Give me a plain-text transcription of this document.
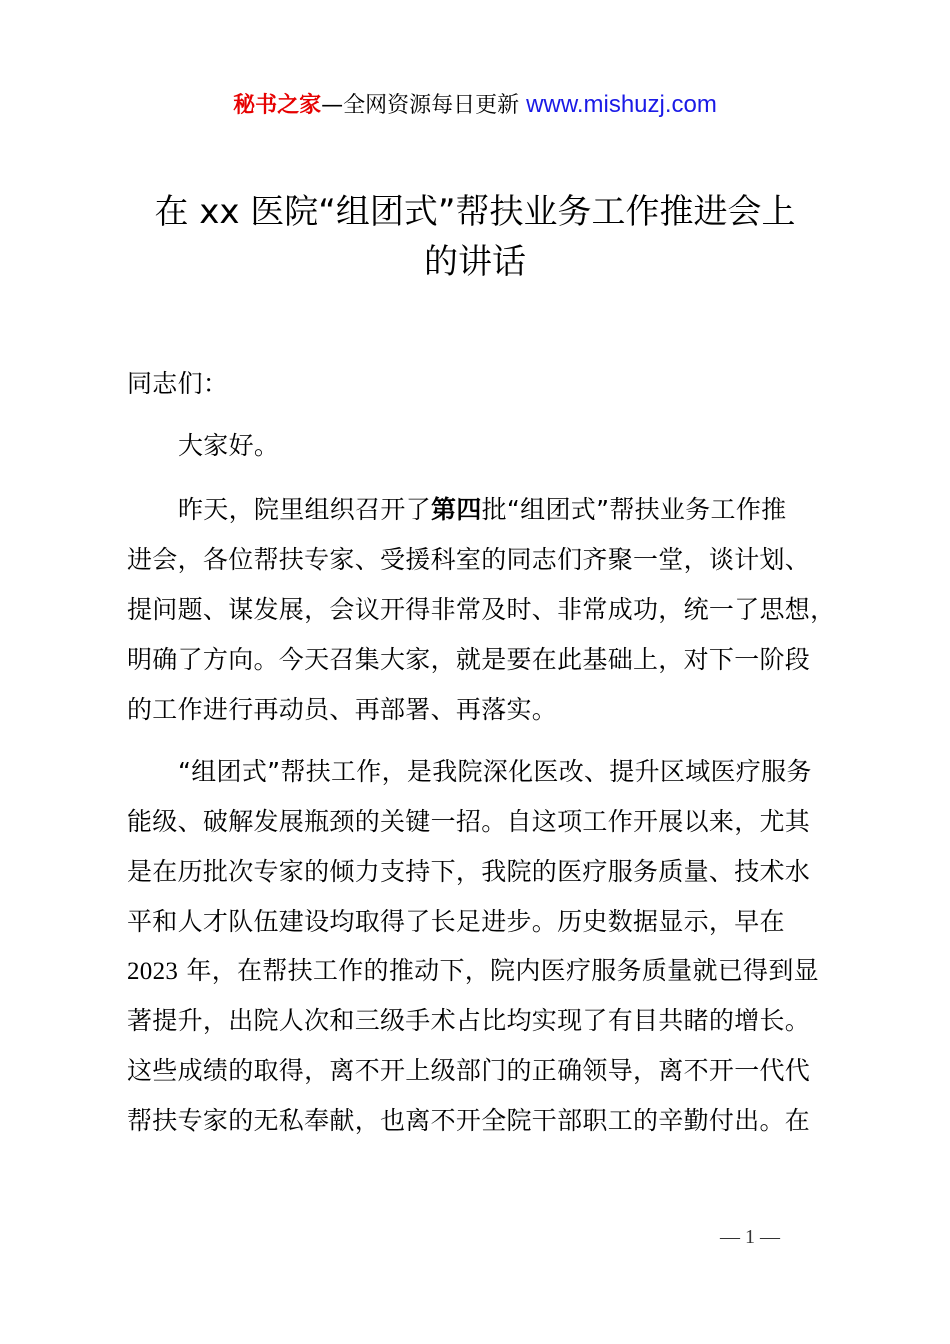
秘书之家—全网资源每日更新 www.mishuzj.com
在 xx 医院“组团式”帮扶业务工作推进会上
的讲话
同志们：
大家好。
昨天，院里组织召开了第四批“组团式”帮扶业务工作推
进会，各位帮扶专家、受援科室的同志们齐聚一堂，谈计划、
提问题、谋发展，会议开得非常及时、非常成功，统一了思想，
明确了方向。今天召集大家，就是要在此基础上，对下一阶段
的工作进行再动员、再部署、再落实。
“组团式”帮扶工作，是我院深化医改、提升区域医疗服务
能级、破解发展瓶颈的关键一招。自这项工作开展以来，尤其
是在历批次专家的倾力支持下，我院的医疗服务质量、技术水
平和人才队伍建设均取得了长足进步。历史数据显示，早在
2023 年，在帮扶工作的推动下，院内医疗服务质量就已得到显
著提升，出院人次和三级手术占比均实现了有目共睹的增长。
这些成绩的取得，离不开上级部门的正确领导，离不开一代代
帮扶专家的无私奉献，也离不开全院干部职工的辛勤付出。在
— 1 —
